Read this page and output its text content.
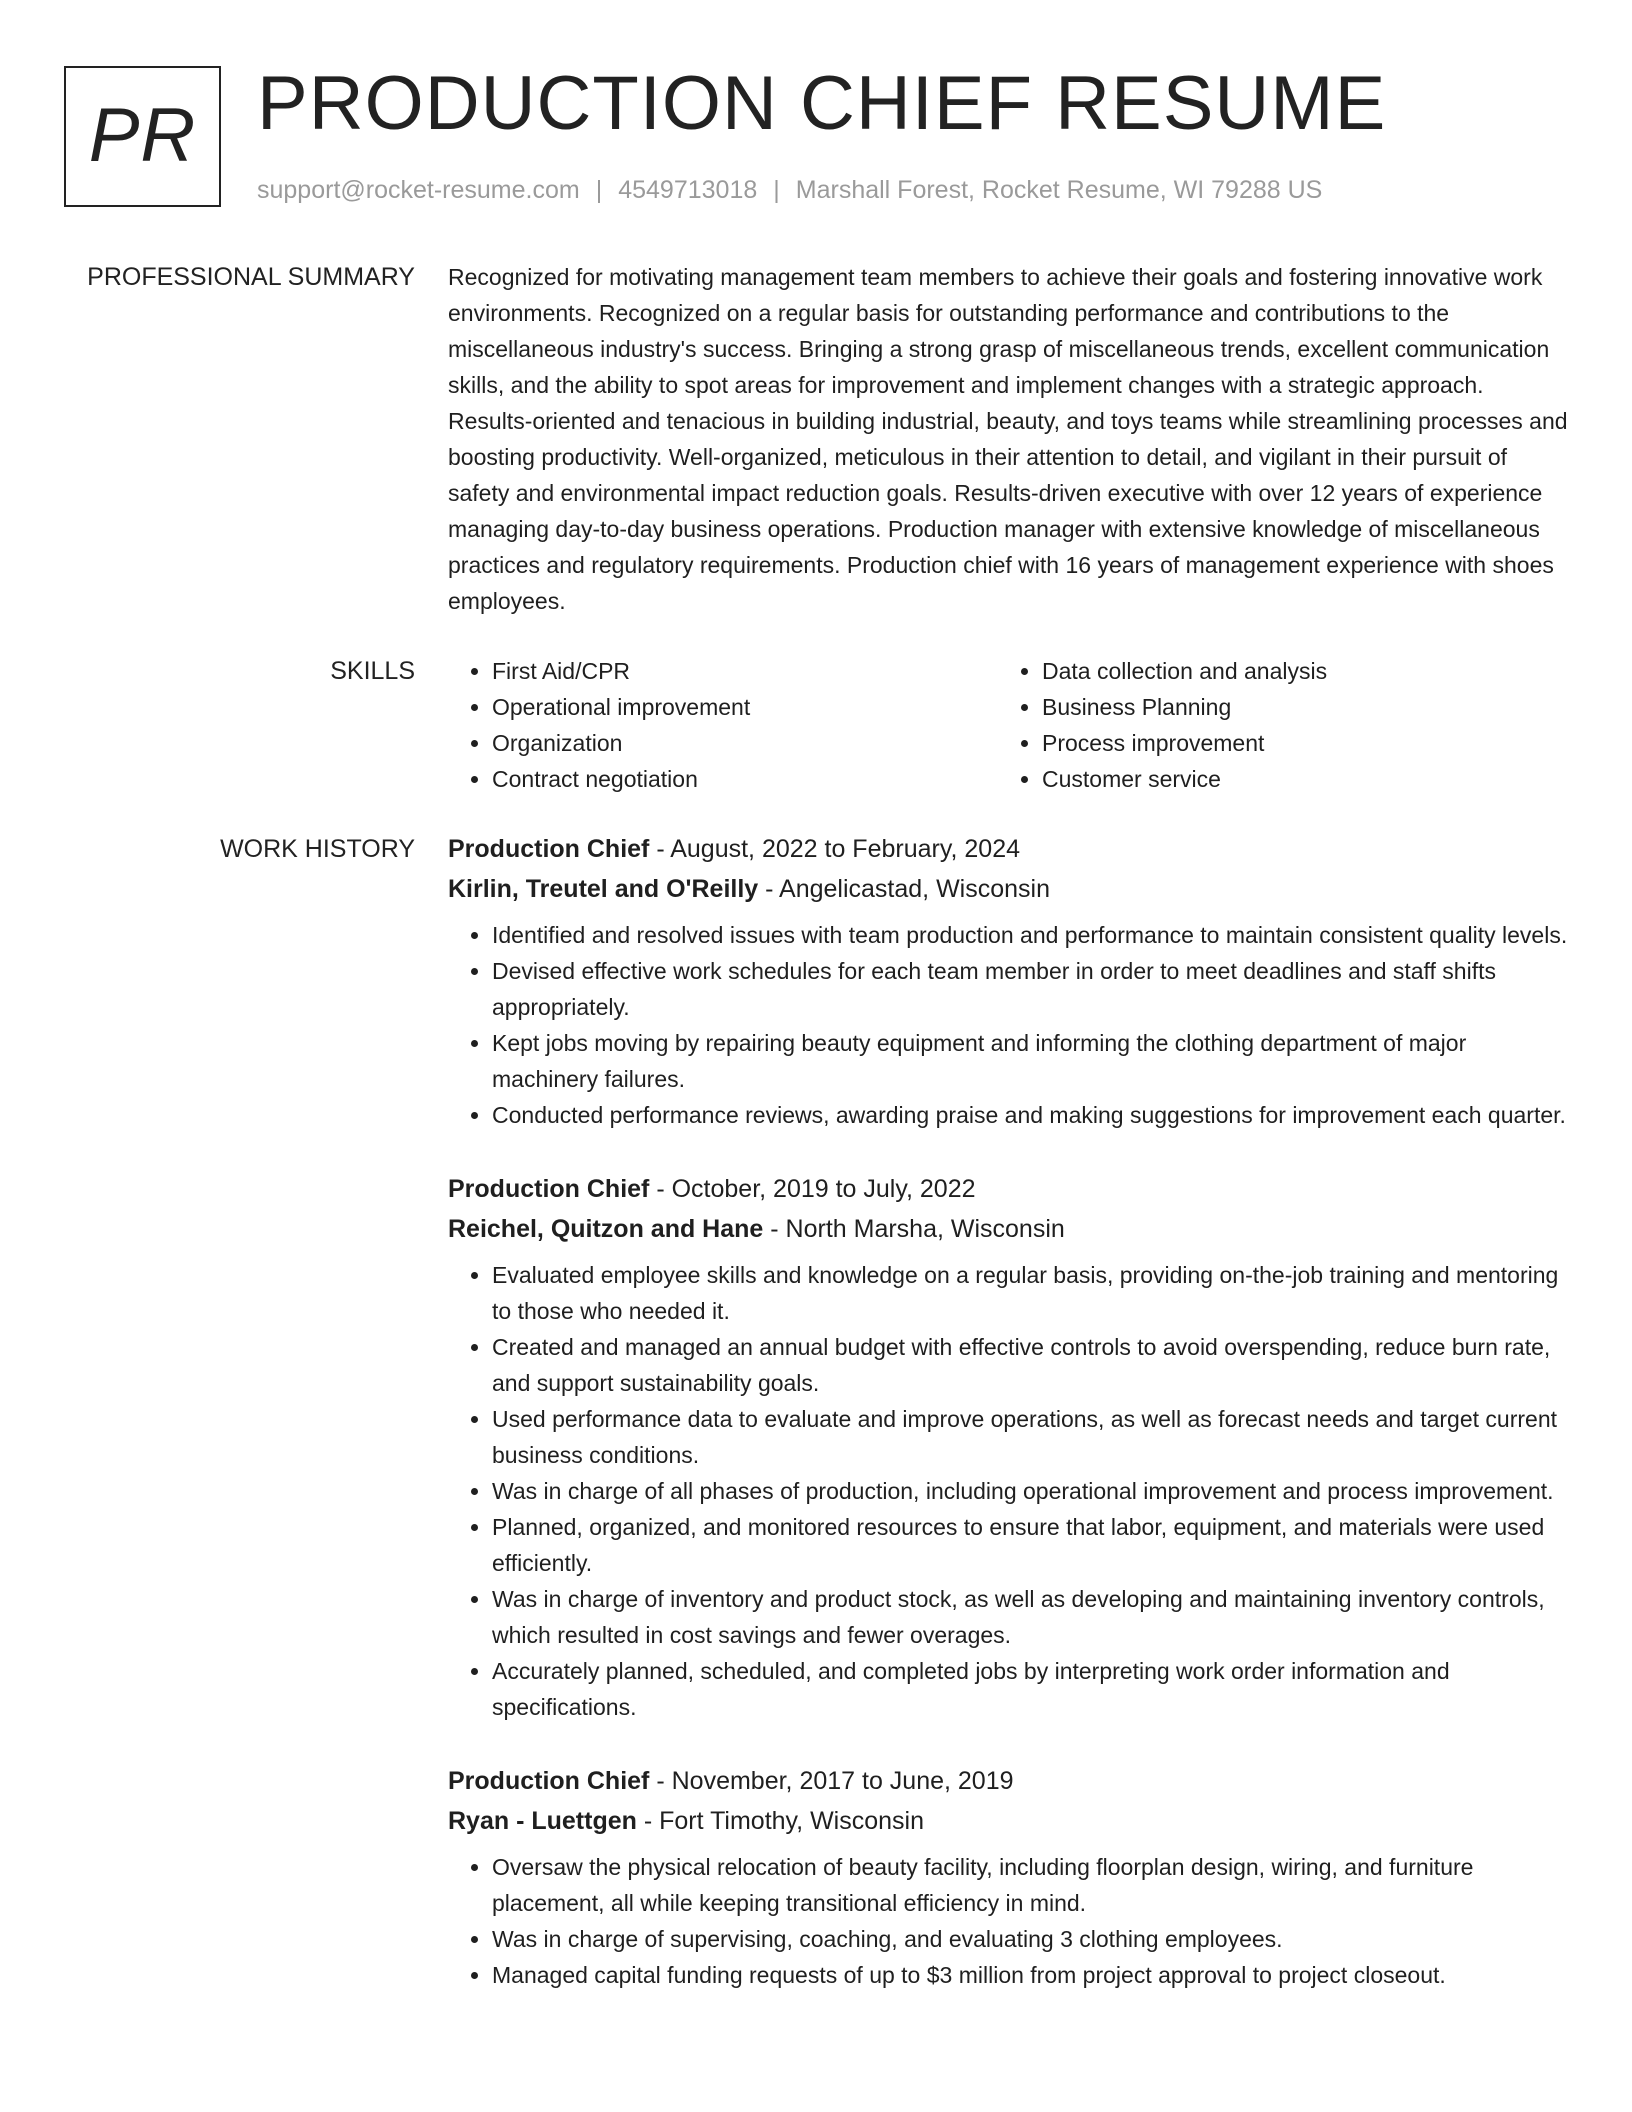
PR PRODUCTION CHIEF RESUME
support@rocket-resume.com | 4549713018 | Marshall Forest, Rocket Resume, WI 79288 US
PROFESSIONAL SUMMARY Recognized for motivating management team members to achieve their goals and fostering innovative work environments. Recognized on a regular basis for outstanding performance and contributions to the miscellaneous industry's success. Bringing a strong grasp of miscellaneous trends, excellent communication skills, and the ability to spot areas for improvement and implement changes with a strategic approach. Results-oriented and tenacious in building industrial, beauty, and toys teams while streamlining processes and boosting productivity. Well-organized, meticulous in their attention to detail, and vigilant in their pursuit of safety and environmental impact reduction goals. Results-driven executive with over 12 years of experience managing day-to-day business operations. Production manager with extensive knowledge of miscellaneous practices and regulatory requirements. Production chief with 16 years of management experience with shoes employees.

SKILLS
•	First Aid/CPR
• Operational improvement
• Organization
• Contract negotiation
• Data collection and analysis
• Business Planning
• Process improvement
• Customer service
WORK HISTORY Production Chief - August, 2022 to February, 2024
Kirlin, Treutel and O'Reilly - Angelicastad, Wisconsin
• Identified and resolved issues with team production and performance to maintain consistent quality levels.
• Devised effective work schedules for each team member in order to meet deadlines and staff shifts appropriately.
• Kept jobs moving by repairing beauty equipment and informing the clothing department of major machinery failures.
• Conducted performance reviews, awarding praise and making suggestions for improvement each quarter.
Production Chief - October, 2019 to July, 2022
Reichel, Quitzon and Hane - North Marsha, Wisconsin
• Evaluated employee skills and knowledge on a regular basis, providing on-the-job training and mentoring to those who needed it.
• Created and managed an annual budget with effective controls to avoid overspending, reduce burn rate, and support sustainability goals.
• Used performance data to evaluate and improve operations, as well as forecast needs and target current business conditions.
• Was in charge of all phases of production, including operational improvement and process improvement.
• Planned, organized, and monitored resources to ensure that labor, equipment, and materials were used efficiently.
• Was in charge of inventory and product stock, as well as developing and maintaining inventory controls, which resulted in cost savings and fewer overages.
• Accurately planned, scheduled, and completed jobs by interpreting work order information and specifications.
Production Chief - November, 2017 to June, 2019
Ryan - Luettgen - Fort Timothy, Wisconsin
• Oversaw the physical relocation of beauty facility, including floorplan design, wiring, and furniture placement, all while keeping transitional efficiency in mind.
• Was in charge of supervising, coaching, and evaluating 3 clothing employees.
• Managed capital funding requests of up to $3 million from project approval to project closeout.
